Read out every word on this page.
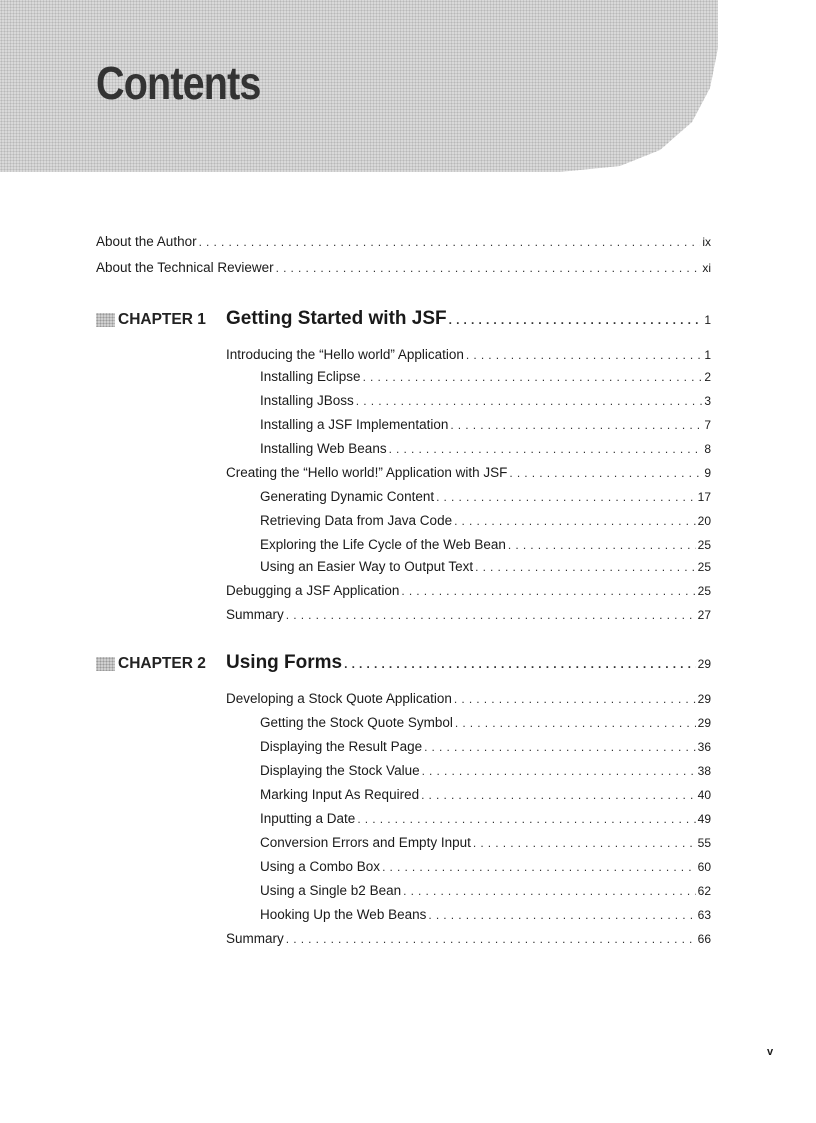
Contents
About the Author . . .	ix
About the Technical Reviewer . . .	xi
CHAPTER 1	Getting Started with JSF . . .	1
Introducing the “Hello world” Application . . .	1
Installing Eclipse . . .	2
Installing JBoss . . .	3
Installing a JSF Implementation . . .	7
Installing Web Beans . . .	8
Creating the “Hello world!” Application with JSF . . .	9
Generating Dynamic Content . . .	17
Retrieving Data from Java Code . . .	20
Exploring the Life Cycle of the Web Bean . . .	25
Using an Easier Way to Output Text . . .	25
Debugging a JSF Application . . .	25
Summary . . .	27
CHAPTER 2	Using Forms . . .	29
Developing a Stock Quote Application . . .	29
Getting the Stock Quote Symbol . . .	29
Displaying the Result Page . . .	36
Displaying the Stock Value . . .	38
Marking Input As Required . . .	40
Inputting a Date . . .	49
Conversion Errors and Empty Input . . .	55
Using a Combo Box . . .	60
Using a Single b2 Bean . . .	62
Hooking Up the Web Beans . . .	63
Summary . . .	66
v
